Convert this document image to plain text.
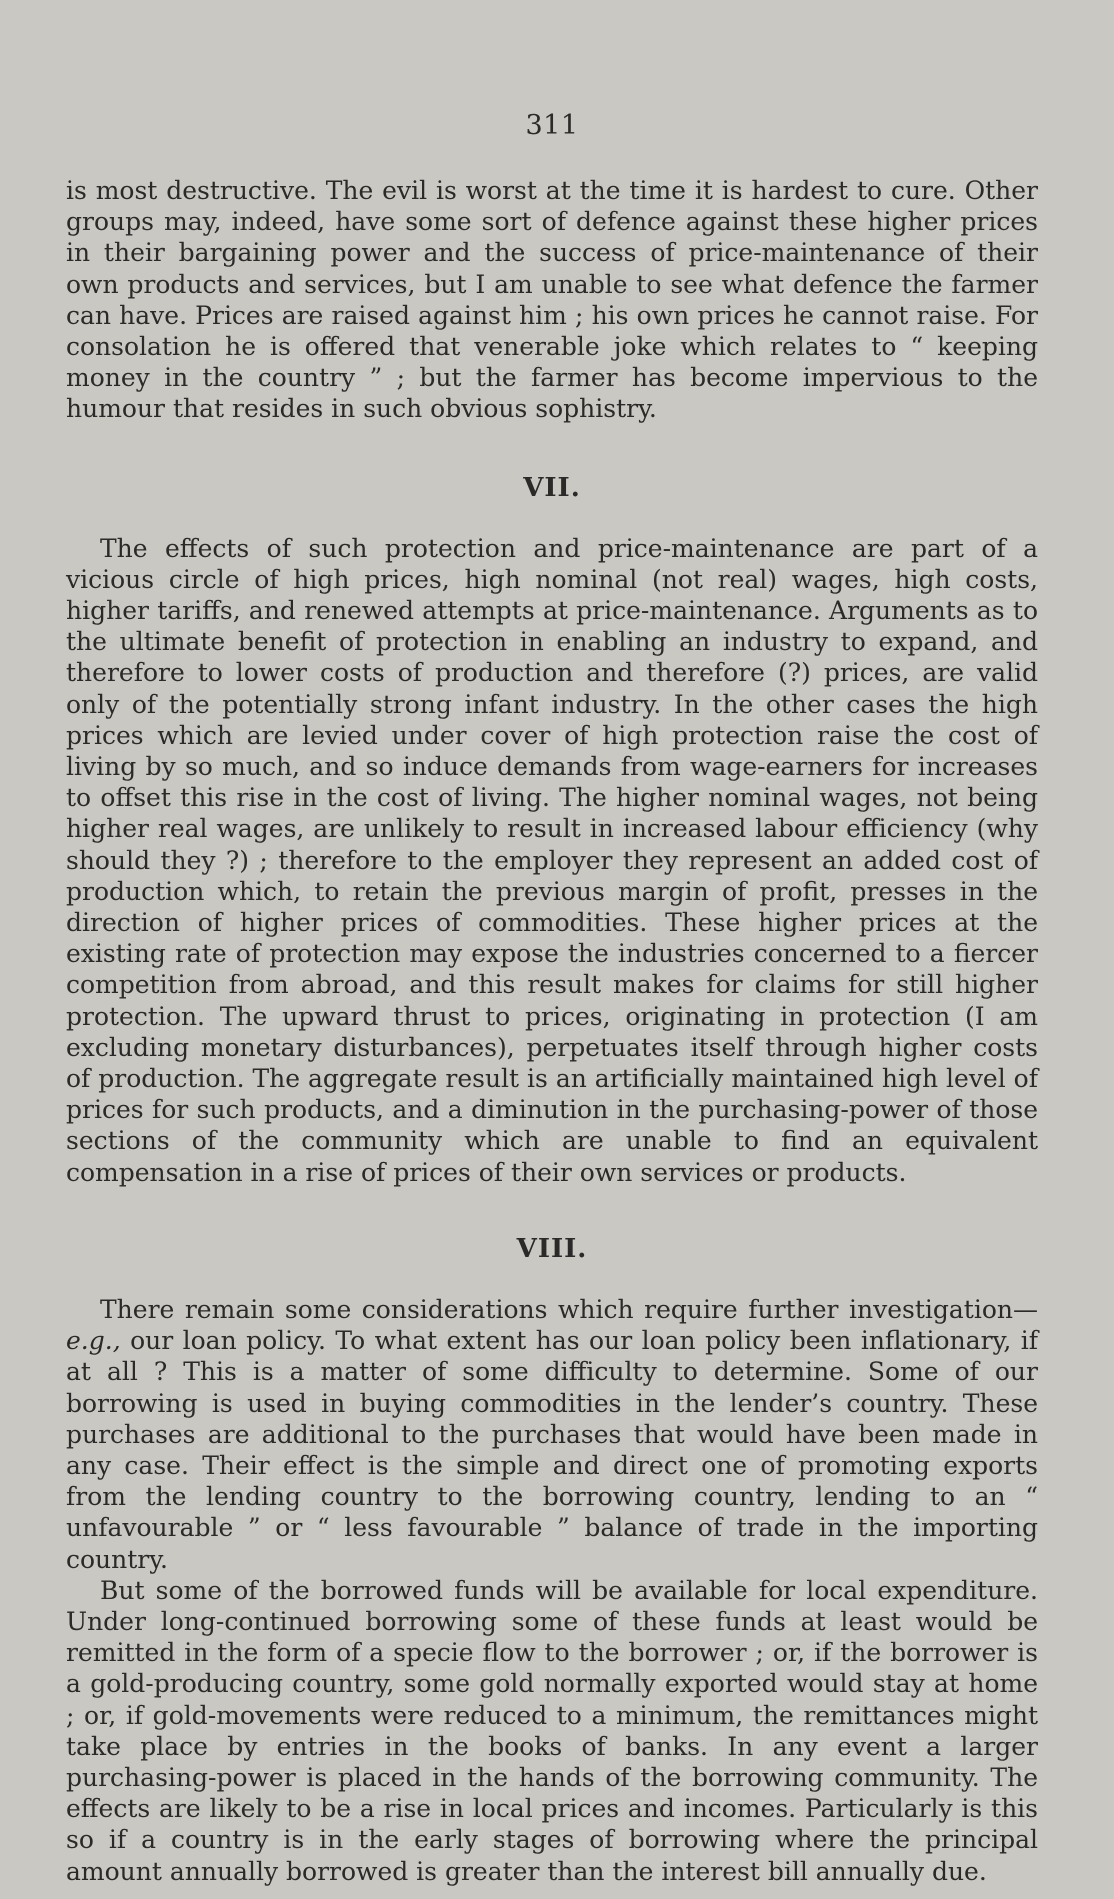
311

is most destructive. The evil is worst at the time it is hardest to cure. Other groups may, indeed, have some sort of defence against these higher prices in their bargaining power and the success of price-maintenance of their own products and services, but I am unable to see what defence the farmer can have. Prices are raised against him ; his own prices he cannot raise. For consolation he is offered that venerable joke which relates to “ keeping money in the country ” ; but the farmer has become impervious to the humour that resides in such obvious sophistry.

VII.

The effects of such protection and price-maintenance are part of a vicious circle of high prices, high nominal (not real) wages, high costs, higher tariffs, and renewed attempts at price-maintenance. Arguments as to the ultimate benefit of protection in enabling an industry to expand, and therefore to lower costs of production and therefore (?) prices, are valid only of the potentially strong infant industry. In the other cases the high prices which are levied under cover of high protection raise the cost of living by so much, and so induce demands from wage-earners for increases to offset this rise in the cost of living. The higher nominal wages, not being higher real wages, are unlikely to result in increased labour efficiency (why should they ?) ; therefore to the employer they represent an added cost of production which, to retain the previous margin of profit, presses in the direction of higher prices of commodities. These higher prices at the existing rate of protection may expose the industries concerned to a fiercer competition from abroad, and this result makes for claims for still higher protection. The upward thrust to prices, originating in protection (I am excluding monetary disturbances), perpetuates itself through higher costs of production. The aggregate result is an artificially maintained high level of prices for such products, and a diminution in the purchasing-power of those sections of the community which are unable to find an equivalent compensation in a rise of prices of their own services or products.

VIII.

There remain some considerations which require further investigation—e.g., our loan policy. To what extent has our loan policy been inflationary, if at all ? This is a matter of some difficulty to determine. Some of our borrowing is used in buying commodities in the lender’s country. These purchases are additional to the purchases that would have been made in any case. Their effect is the simple and direct one of promoting exports from the lending country to the borrowing country, lending to an “ unfavourable ” or “ less favourable ” balance of trade in the importing country.

But some of the borrowed funds will be available for local expenditure. Under long-continued borrowing some of these funds at least would be remitted in the form of a specie flow to the borrower ; or, if the borrower is a gold-producing country, some gold normally exported would stay at home ; or, if gold-movements were reduced to a minimum, the remittances might take place by entries in the books of banks. In any event a larger purchasing-power is placed in the hands of the borrowing community. The effects are likely to be a rise in local prices and incomes. Particularly is this so if a country is in the early stages of borrowing where the principal amount annually borrowed is greater than the interest bill annually due.
